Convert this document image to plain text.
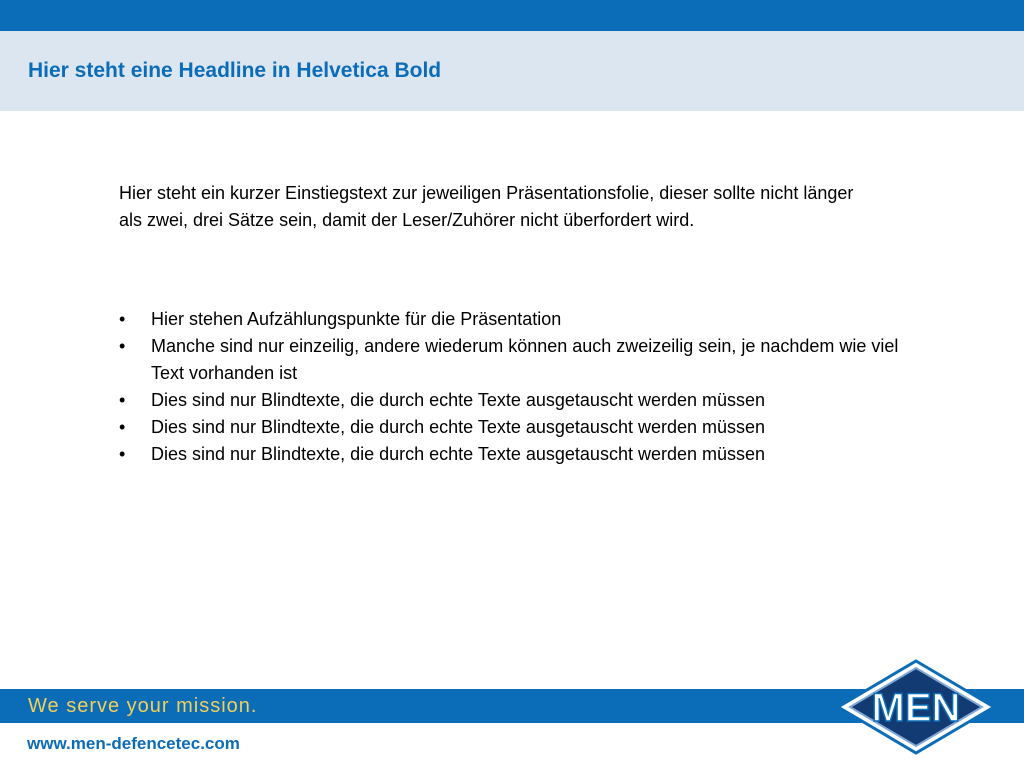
Hier steht eine Headline in Helvetica Bold
Hier steht ein kurzer Einstiegstext zur jeweiligen Präsentationsfolie, dieser sollte nicht länger als zwei, drei Sätze sein, damit der Leser/Zuhörer nicht überfordert wird.
• Hier stehen Aufzählungspunkte für die Präsentation
• Manche sind nur einzeilig, andere wiederum können auch zweizeilig sein, je nachdem wie viel Text vorhanden ist
• Dies sind nur Blindtexte, die durch echte Texte ausgetauscht werden müssen
• Dies sind nur Blindtexte, die durch echte Texte ausgetauscht werden müssen
• Dies sind nur Blindtexte, die durch echte Texte ausgetauscht werden müssen
We serve your mission.
www.men-defencetec.com
MEN
